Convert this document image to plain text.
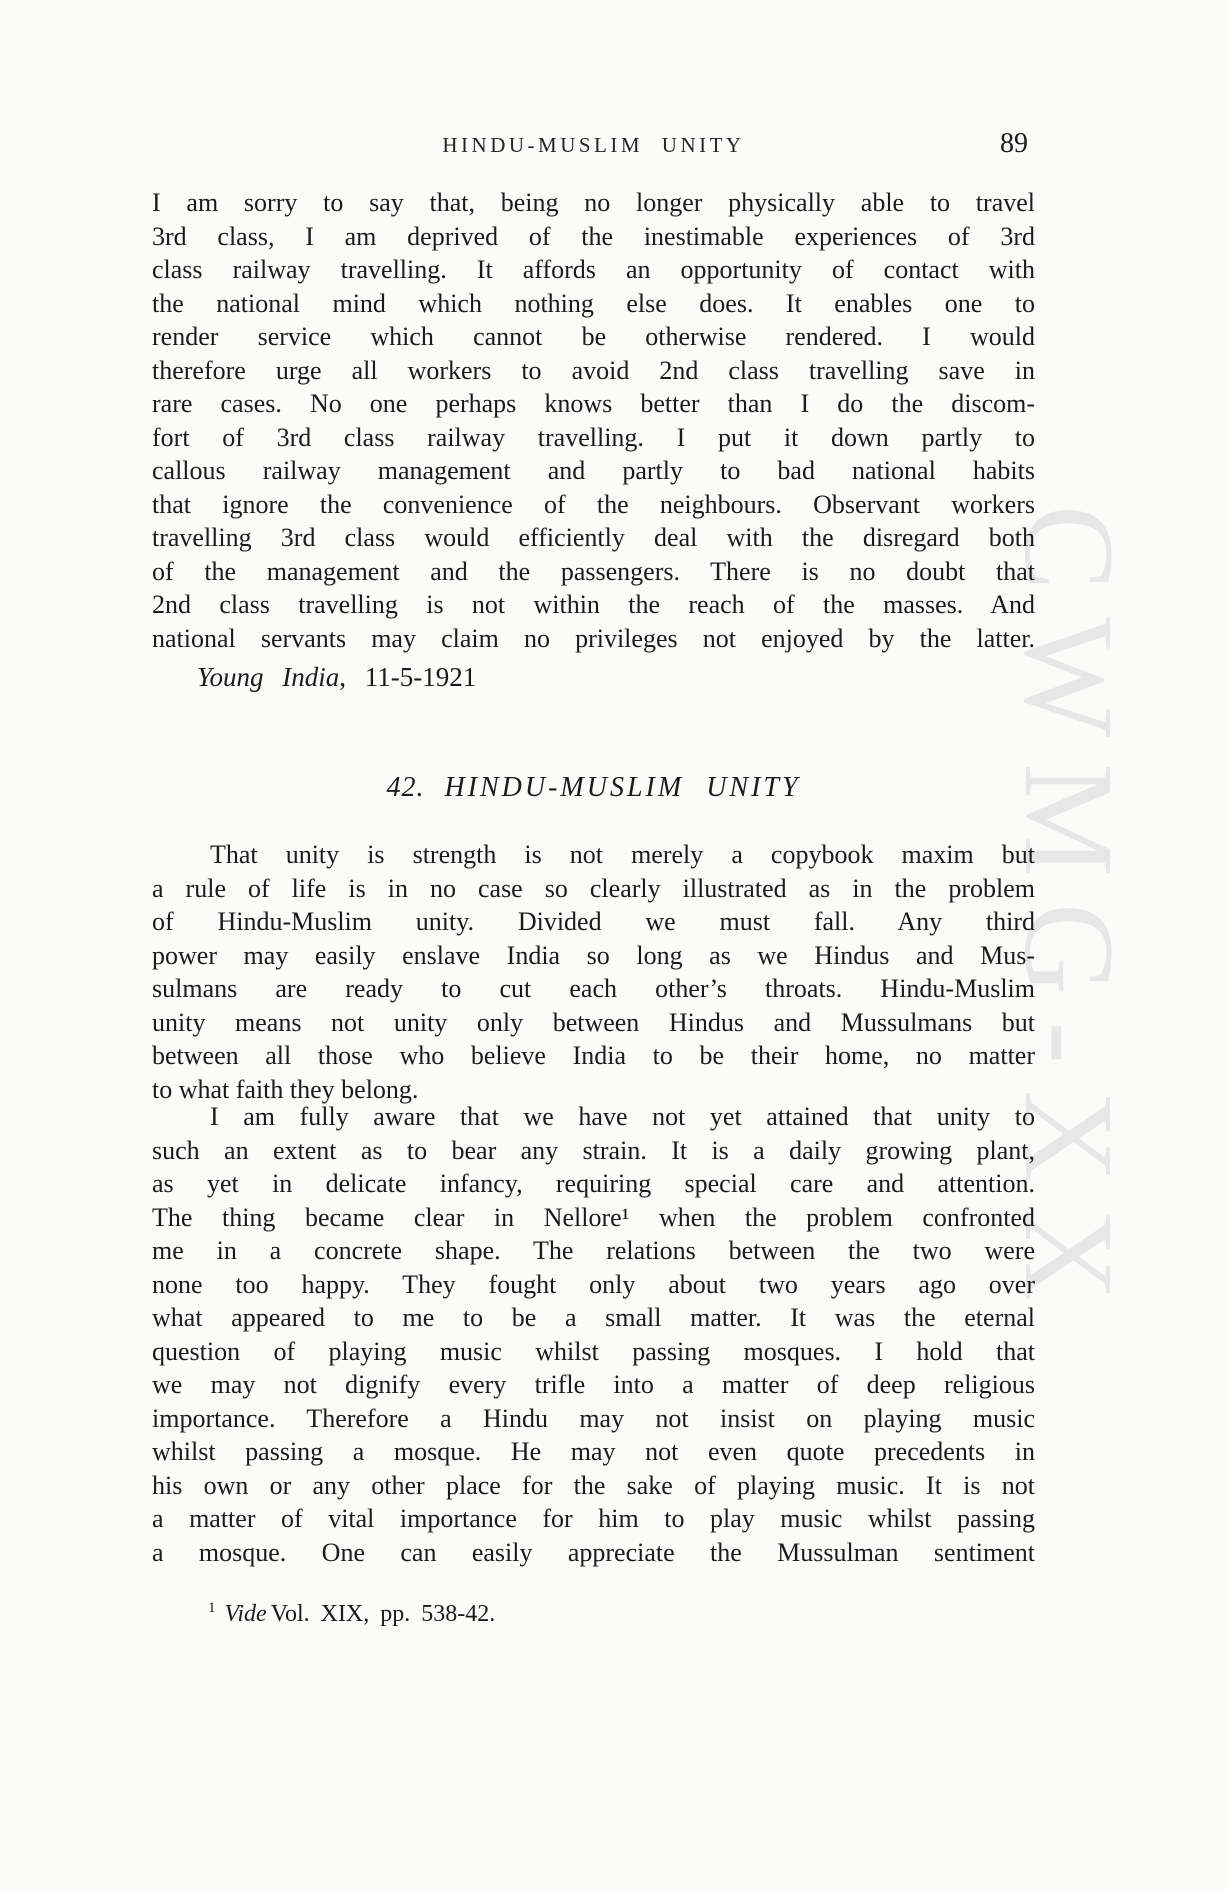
CWMG-XX
HINDU-MUSLIM UNITY	89
I am sorry to say that, being no longer physically able to travel
3rd class, I am deprived of the inestimable experiences of 3rd
class railway travelling. It affords an opportunity of contact with
the national mind which nothing else does. It enables one to
render service which cannot be otherwise rendered. I would
therefore urge all workers to avoid 2nd class travelling save in
rare cases. No one perhaps knows better than I do the discom-
fort of 3rd class railway travelling. I put it down partly to
callous railway management and partly to bad national habits
that ignore the convenience of the neighbours. Observant workers
travelling 3rd class would efficiently deal with the disregard both
of the management and the passengers. There is no doubt that
2nd class travelling is not within the reach of the masses. And
national servants may claim no privileges not enjoyed by the latter.
Young India, 11-5-1921
42. HINDU-MUSLIM UNITY
That unity is strength is not merely a copybook maxim but
a rule of life is in no case so clearly illustrated as in the problem
of Hindu-Muslim unity. Divided we must fall. Any third
power may easily enslave India so long as we Hindus and Mus-
sulmans are ready to cut each other’s throats. Hindu-Muslim
unity means not unity only between Hindus and Mussulmans but
between all those who believe India to be their home, no matter
to what faith they belong.
I am fully aware that we have not yet attained that unity to
such an extent as to bear any strain. It is a daily growing plant,
as yet in delicate infancy, requiring special care and attention.
The thing became clear in Nellore¹ when the problem confronted
me in a concrete shape. The relations between the two were
none too happy. They fought only about two years ago over
what appeared to me to be a small matter. It was the eternal
question of playing music whilst passing mosques. I hold that
we may not dignify every trifle into a matter of deep religious
importance. Therefore a Hindu may not insist on playing music
whilst passing a mosque. He may not even quote precedents in
his own or any other place for the sake of playing music. It is not
a matter of vital importance for him to play music whilst passing
a mosque. One can easily appreciate the Mussulman sentiment
$^1$ Vide Vol. XIX, pp. 538-42.
